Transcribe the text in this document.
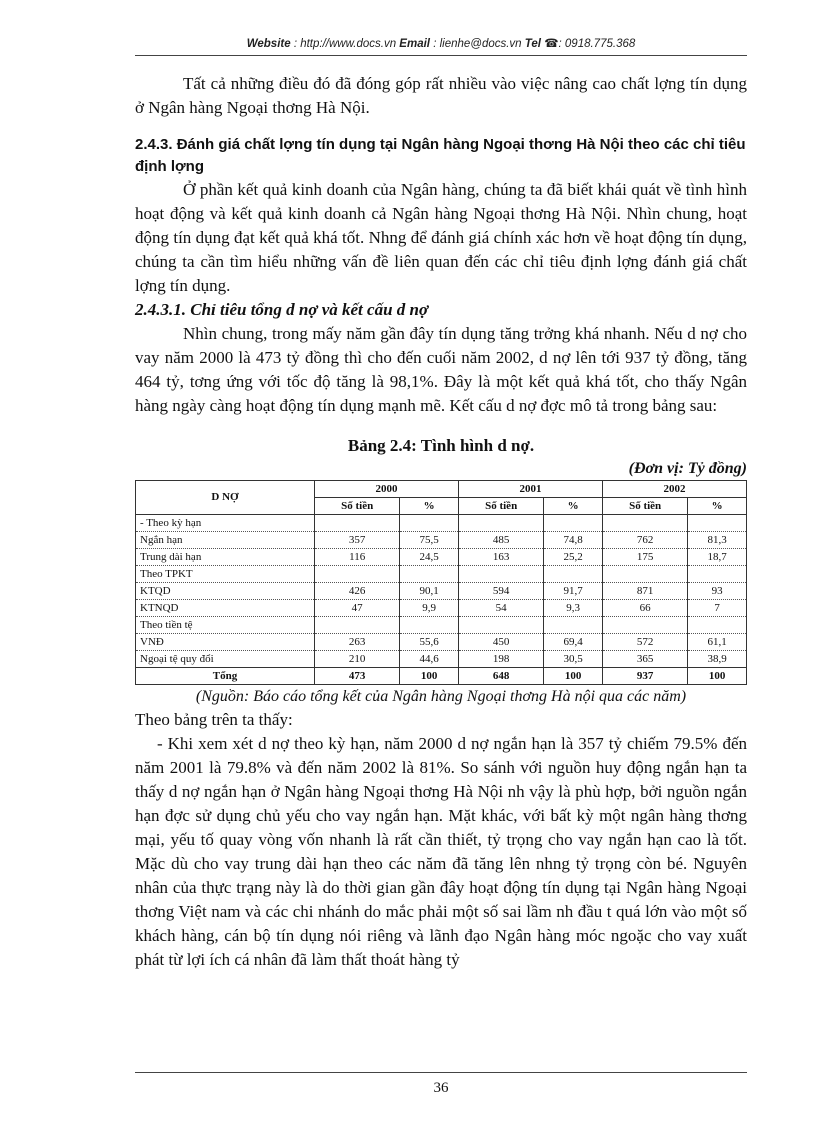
Website : http://www.docs.vn Email : lienhe@docs.vn Tel ☎: 0918.775.368

Tất cả những điều đó đã đóng góp rất nhiều vào việc nâng cao chất lợng tín dụng ở Ngân hàng Ngoại thơng Hà Nội.

2.4.3. Đánh giá chất lợng tín dụng tại Ngân hàng Ngoại thơng Hà Nội theo các chỉ tiêu định lợng

Ở phần kết quả kinh doanh của Ngân hàng, chúng ta đã biết khái quát về tình hình hoạt động và kết quả kinh doanh cả Ngân hàng Ngoại thơng Hà Nội. Nhìn chung, hoạt động tín dụng đạt kết quả khá tốt. Nhng để đánh giá chính xác hơn về hoạt động tín dụng, chúng ta cần tìm hiểu những vấn đề liên quan đến các chỉ tiêu định lợng đánh giá chất lợng tín dụng.

2.4.3.1. Chỉ tiêu tổng d nợ và kết cấu d nợ

Nhìn chung, trong mấy năm gần đây tín dụng tăng trởng khá nhanh. Nếu d nợ cho vay năm 2000 là 473 tỷ đồng thì cho đến cuối năm 2002, d nợ lên tới 937 tỷ đồng, tăng 464 tỷ, tơng ứng với tốc độ tăng là 98,1%. Đây là một kết quả khá tốt, cho thấy Ngân hàng ngày càng hoạt động tín dụng mạnh mẽ. Kết cấu d nợ đợc mô tả trong bảng sau:

Bảng 2.4: Tình hình d nợ.
(Đơn vị: Tỷ đồng)
D NỢ	2000		2001		2002	
	Số tiền	%	Số tiền	%	Số tiền	%
- Theo kỳ hạn						
Ngắn hạn	357	75,5	485	74,8	762	81,3
Trung dài hạn	116	24,5	163	25,2	175	18,7
Theo TPKT						
KTQD	426	90,1	594	91,7	871	93
KTNQD	47	9,9	54	9,3	66	7
Theo tiền tệ						
VNĐ	263	55,6	450	69,4	572	61,1
Ngoại tệ quy đổi	210	44,6	198	30,5	365	38,9
Tổng	473	100	648	100	937	100
(Nguồn: Báo cáo tổng kết của Ngân hàng Ngoại thơng Hà nội qua các năm)

Theo bảng trên ta thấy:

- Khi xem xét d nợ theo kỳ hạn, năm 2000 d nợ ngắn hạn là 357 tỷ chiếm 79.5% đến năm 2001 là 79.8% và đến năm 2002 là 81%. So sánh với nguồn huy động ngắn hạn ta thấy d nợ ngắn hạn ở Ngân hàng Ngoại thơng Hà Nội nh vậy là phù hợp, bởi nguồn ngắn hạn đợc sử dụng chủ yếu cho vay ngắn hạn. Mặt khác, với bất kỳ một ngân hàng thơng mại, yếu tố quay vòng vốn nhanh là rất cần thiết, tỷ trọng cho vay ngắn hạn cao là tốt. Mặc dù cho vay trung dài hạn theo các năm đã tăng lên nhng tỷ trọng còn bé. Nguyên nhân của thực trạng này là do thời gian gần đây hoạt động tín dụng tại Ngân hàng Ngoại thơng Việt nam và các chi nhánh do mắc phải một số sai lầm nh đầu t quá lớn vào một số khách hàng, cán bộ tín dụng nói riêng và lãnh đạo Ngân hàng móc ngoặc cho vay xuất phát từ lợi ích cá nhân đã làm thất thoát hàng tỷ

36
